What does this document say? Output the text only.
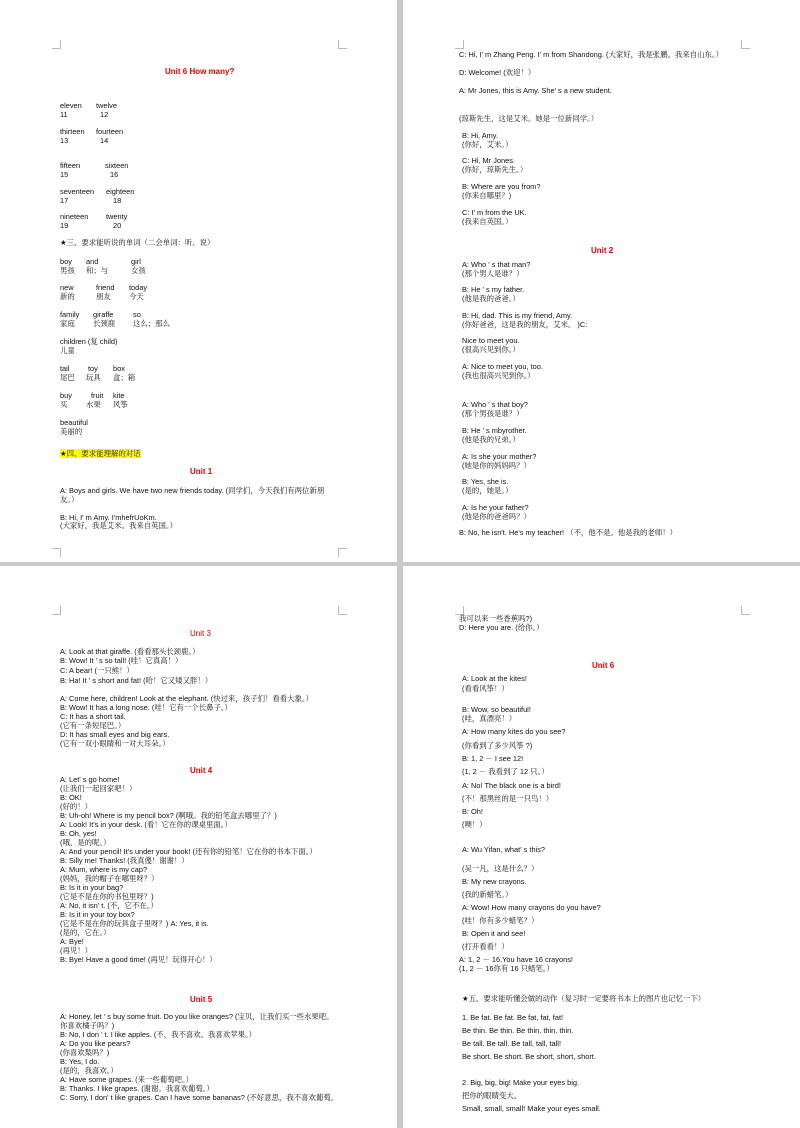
Unit 6 How many?
eleven twelve
11	12
thirteen fourteen
13	14
fifteen	sixteen
15	16
seventeen eighteen
17	18
nineteen twenty
19	20
★三、要求能听说的单词（二会单词：听、说）
boy and	girl
男孩 和；与	女孩
new	friend today
新的	朋友 今天
family giraffe	so
家庭 长颈鹿 这么；那么
children (复 child)
儿童
tail	toy box
尾巴 玩具 盒；箱
buy	fruit kite
买	水果 风筝
beautiful
美丽的
★四、要求能理解的对话
Unit 1
A: Boys and girls. We have two new friends today. (同学们，今天我们有两位新朋
友。）
B: Hi, I' m Amy. I'mhefrUoKm.
(大家好，我是艾米。我来自英国。）
C: Hi, I' m Zhang Peng. I' m from Shandong. (大家好，我是张鹏。我来自山东。）
D: Welcome! (欢迎！）
A: Mr Jones, this is Amy. She' s a new student.
(琼斯先生，这是艾米。她是一位新同学。）
B: Hi, Amy.
(你好，艾米。）
C: Hi, Mr Jones.
(你好，琼斯先生。）
B: Where are you from?
(你来自哪里？)
C: I' m from the UK.
(我来自英国。）
Unit 2
A: Who ' s that man?
(那个男人是谁？）
B: He ' s my father.
(他是我的爸爸。）
B: Hi, dad. This is my friend, Amy.
(你好爸爸，这是我的朋友，艾米。 )C:
Nice to meet you.
(很高兴见到你。）
A: Nice to meet you, too.
(我也很高兴见到你。）
A: Who ' s that boy?
(那个男孩是谁？）
B: He ' s mbyrother.
(他是我的兄弟。）
A: Is she your mother?
(她是你的妈妈吗？）
B: Yes, she is.
(是的，她是。）
A: Is he your father?
(他是你的爸爸吗？）
B: No, he isn't. He's my teacher! （不，他不是。他是我的老师！）
Unit 3
A: Look at that giraffe. (看看那头长颈鹿。）
B: Wow! It ' s so tall! (哇！它真高！）
C: A bear! (一只熊！）
B: Ha! It ' s short and fat! (哈！它又矮又胖！）
A: Come here, children! Look at the elephant. (快过来，孩子们！看看大象。）
B: Wow! It has a long nose. (哇！它有一个长鼻子。）
C: It has a short tail.
(它有一条短尾巴。）
D: It has small eyes and big ears.
(它有一双小眼睛和一对大耳朵。）
Unit 4
A: Let' s go home!
(让我们一起回家吧！）
B: OK!
(好的！）
B: Uh-oh! Where is my pencil box? (啊哦。我的铅笔盒去哪里了？)
A: Look! It's in your desk. (看！它在你的课桌里面。）
B: Oh, yes!
(哦，是的呢。）
A: And your pencil! It's under your book! (还有你的铅笔！它在你的书本下面。）
B: Silly me! Thanks! (我真傻！谢谢！）
A: Mum, where is my cap?
(妈妈，我的帽子在哪里呀？）
B: Is it in your bag?
(它是不是在你的书包里呀？)
A: No, it isn' t. (不，它不在。）
B: Is it in your toy box?
(它是不是在你的玩具盒子里呀？) A: Yes, it is.
(是的，它在。）
A: Bye!
(再见！）
B: Bye! Have a good time! (再见！玩得开心！）
Unit 5
A: Honey, let ' s buy some fruit. Do you like oranges? (宝贝，让我们买一些水果吧。
你喜欢橘子吗？)
B: No, I don ' t. I like apples. (不，我不喜欢。我喜欢苹果。）
A: Do you like pears?
(你喜欢梨吗？)
B: Yes, I do.
(是的，我喜欢。）
A: Have some grapes. (来一些葡萄吧。）
B: Thanks. I like grapes. (谢谢。我喜欢葡萄。）
C: Sorry, I don' t like grapes. Can I have some bananas? (不好意思，我不喜欢葡萄。
我可以来一些香蕉吗?)
D: Here you are. (给你。）
Unit 6
A: Look at the kites!
(看看风筝！）
B: Wow, so beautiful!
(哇，真漂亮！）
A: How many kites do you see?
(你看到了多少风筝 ?)
B: 1, 2 － I see 12!
(1, 2 － 我看到了 12 只。）
A: No! The black one is a bird!
(不！那黑丝的是一只鸟！）
B: Oh!
(噢！）
A: Wu Yifan, what' s this?
(吴一凡，这是什么？）
B: My new crayons.
(我的新蜡笔。）
A: Wow! How many crayons do you have?
(哇！你有多少蜡笔？）
B: Open it and see!
(打开看看！）
A: 1, 2 － 16.You have 16 crayons!
(1, 2 － 16你有 16 只蜡笔。）
★五、要求能听懂会做的动作（复习时一定要将书本上的图片也记忆一下）
1. Be fat. Be fat. Be fat, fat, fat!
Be thin. Be thin. Be thin, thin, thin.
Be tall. Be tall. Be tall, tall, tall!
Be short. Be short. Be short, short, short.
2. Big, big, big! Make your eyes big.
把你的眼睛变大。
Small, small, small! Make your eyes small.
